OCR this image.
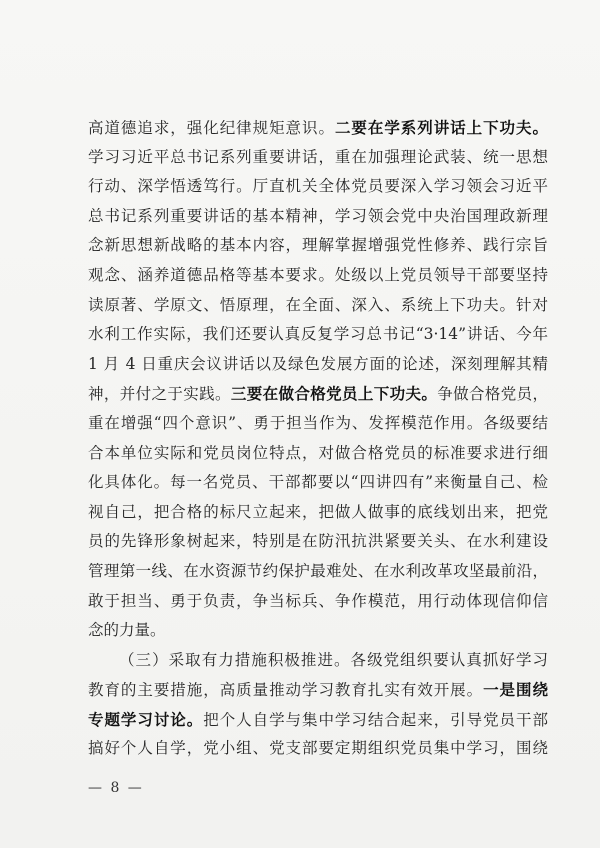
高道德追求，强化纪律规矩意识。二要在学系列讲话上下功夫。
学习习近平总书记系列重要讲话，重在加强理论武装、统一思想
行动、深学悟透笃行。厅直机关全体党员要深入学习领会习近平
总书记系列重要讲话的基本精神，学习领会党中央治国理政新理
念新思想新战略的基本内容，理解掌握增强党性修养、践行宗旨
观念、涵养道德品格等基本要求。处级以上党员领导干部要坚持
读原著、学原文、悟原理，在全面、深入、系统上下功夫。针对
水利工作实际，我们还要认真反复学习总书记“3·14”讲话、今年
1 月 4 日重庆会议讲话以及绿色发展方面的论述，深刻理解其精
神，并付之于实践。三要在做合格党员上下功夫。争做合格党员，
重在增强“四个意识”、勇于担当作为、发挥模范作用。各级要结
合本单位实际和党员岗位特点，对做合格党员的标准要求进行细
化具体化。每一名党员、干部都要以“四讲四有”来衡量自己、检
视自己，把合格的标尺立起来，把做人做事的底线划出来，把党
员的先锋形象树起来，特别是在防汛抗洪紧要关头、在水利建设
管理第一线、在水资源节约保护最难处、在水利改革攻坚最前沿，
敢于担当、勇于负责，争当标兵、争作模范，用行动体现信仰信
念的力量。
（三）采取有力措施积极推进。各级党组织要认真抓好学习
教育的主要措施，高质量推动学习教育扎实有效开展。一是围绕
专题学习讨论。把个人自学与集中学习结合起来，引导党员干部
搞好个人自学，党小组、党支部要定期组织党员集中学习，围绕
— 8 —
